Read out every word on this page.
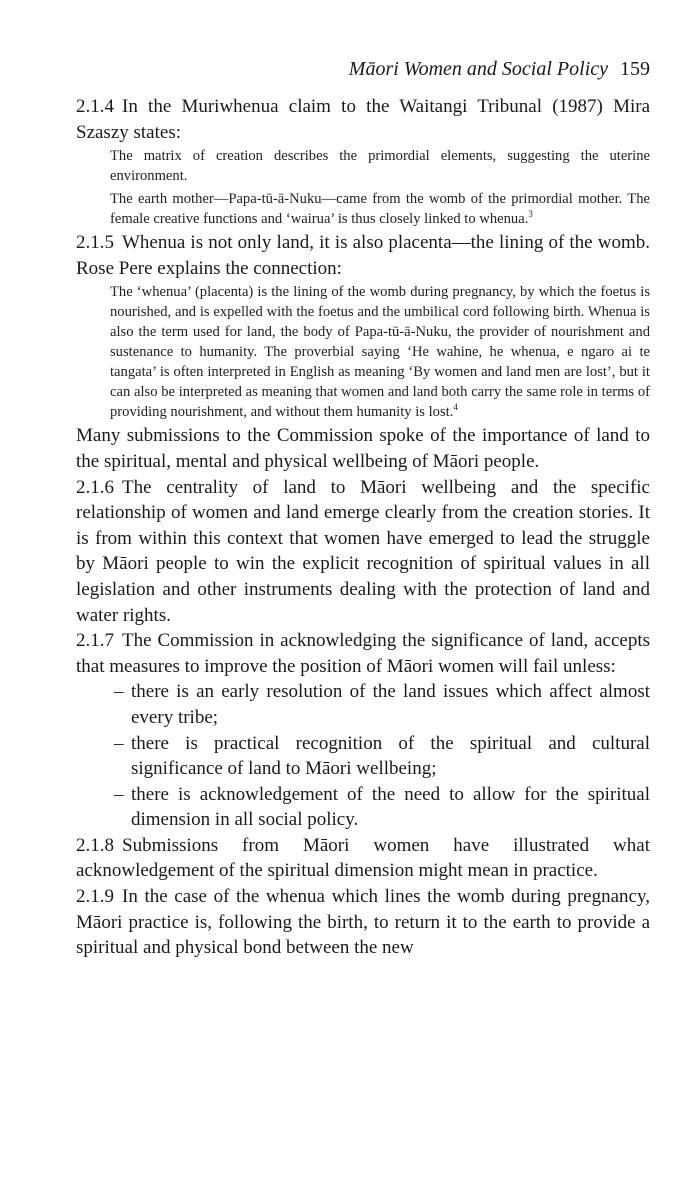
Māori Women and Social Policy 159

2.1.4 In the Muriwhenua claim to the Waitangi Tribunal (1987) Mira Szaszy states:

The matrix of creation describes the primordial elements, suggesting the uterine environment.

The earth mother—Papa-tū-ā-Nuku—came from the womb of the primordial mother. The female creative functions and ‘wairua’ is thus closely linked to whenua.$^3$

2.1.5 Whenua is not only land, it is also placenta—the lining of the womb. Rose Pere explains the connection:

The ‘whenua’ (placenta) is the lining of the womb during pregnancy, by which the foetus is nourished, and is expelled with the foetus and the umbilical cord following birth. Whenua is also the term used for land, the body of Papa-tū-ā-Nuku, the provider of nourishment and sustenance to humanity. The proverbial saying ‘He wahine, he whenua, e ngaro ai te tangata’ is often interpreted in English as meaning ‘By women and land men are lost’, but it can also be interpreted as meaning that women and land both carry the same role in terms of providing nourishment, and without them humanity is lost.$^4$

Many submissions to the Commission spoke of the importance of land to the spiritual, mental and physical wellbeing of Māori people.

2.1.6 The centrality of land to Māori wellbeing and the specific relationship of women and land emerge clearly from the creation stories. It is from within this context that women have emerged to lead the struggle by Māori people to win the explicit recognition of spiritual values in all legislation and other instruments dealing with the protection of land and water rights.

2.1.7 The Commission in acknowledging the significance of land, accepts that measures to improve the position of Māori women will fail unless:

– there is an early resolution of the land issues which affect almost every tribe;
– there is practical recognition of the spiritual and cultural significance of land to Māori wellbeing;
– there is acknowledgement of the need to allow for the spiritual dimension in all social policy.

2.1.8 Submissions from Māori women have illustrated what acknowledgement of the spiritual dimension might mean in practice.

2.1.9 In the case of the whenua which lines the womb during pregnancy, Māori practice is, following the birth, to return it to the earth to provide a spiritual and physical bond between the new
